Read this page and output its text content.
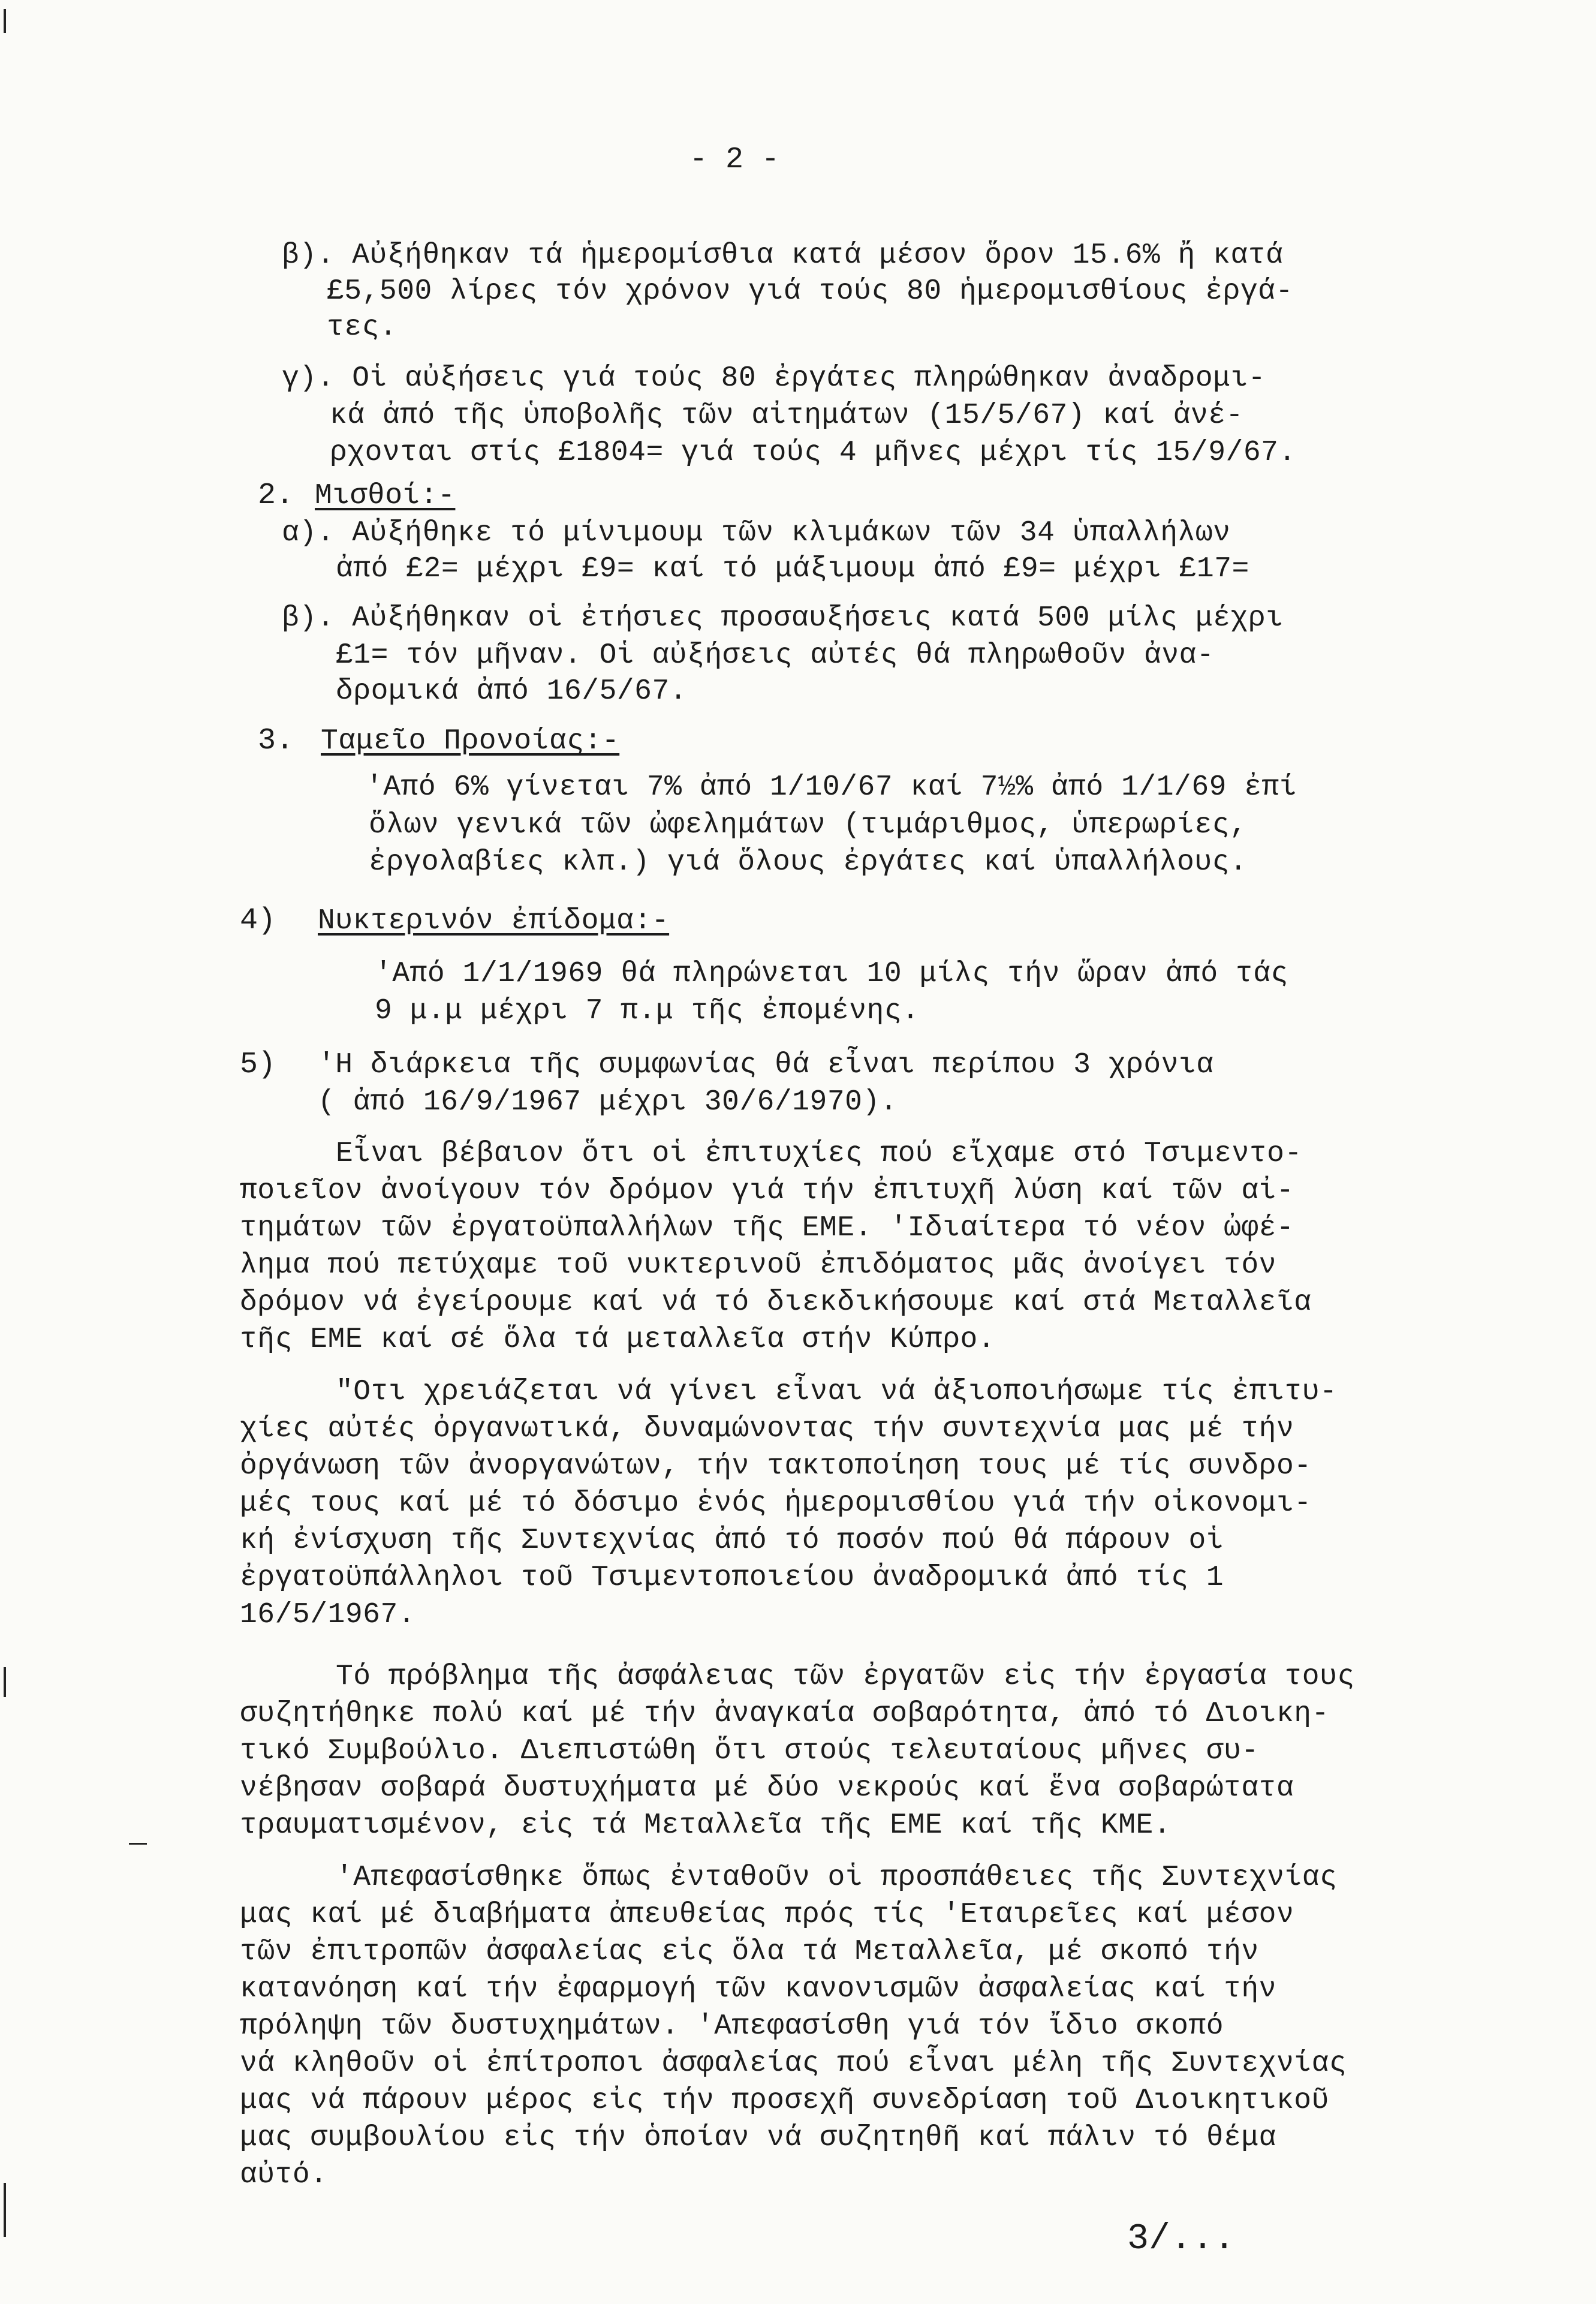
- 2 -
β). Αὐξήθηκαν τά ἡμερομίσθια κατά μέσον ὅρον 15.6% ἤ κατά
£5,500 λίρες τόν χρόνον γιά τούς 80 ἡμερομισθίους ἐργά-
τες.
γ). Οἱ αὐξήσεις γιά τούς 80 ἐργάτες πληρώθηκαν ἀναδρομι-
κά ἀπό τῆς ὑποβολῆς τῶν αἰτημάτων (15/5/67) καί ἀνέ-
ρχονται στίς £1804= γιά τούς 4 μῆνες μέχρι τίς 15/9/67.
2. Μισθοί:-
α). Αὐξήθηκε τό μίνιμουμ τῶν κλιμάκων τῶν 34 ὑπαλλήλων
ἀπό £2= μέχρι £9= καί τό μάξιμουμ ἀπό £9= μέχρι £17=
β). Αὐξήθηκαν οἱ ἐτήσιες προσαυξήσεις κατά 500 μίλς μέχρι
£1= τόν μῆναν. Οἱ αὐξήσεις αὐτές θά πληρωθοῦν ἀνα-
δρομικά ἀπό 16/5/67.
3. Ταμεῖο Προνοίας:-
'Από 6% γίνεται 7% ἀπό 1/10/67 καί 7½% ἀπό 1/1/69 ἐπί
ὅλων γενικά τῶν ὠφελημάτων (τιμάριθμος, ὑπερωρίες,
ἐργολαβίες κλπ.) γιά ὅλους ἐργάτες καί ὑπαλλήλους.
4) Νυκτερινόν ἐπίδομα:-
'Από 1/1/1969 θά πληρώνεται 10 μίλς τήν ὥραν ἀπό τάς
9 μ.μ μέχρι 7 π.μ τῆς ἐπομένης.
5) 'Η διάρκεια τῆς συμφωνίας θά εἶναι περίπου 3 χρόνια
( ἀπό 16/9/1967 μέχρι 30/6/1970).
Εἶναι βέβαιον ὅτι οἱ ἐπιτυχίες πού εἴχαμε στό Τσιμεντο-
ποιεῖον ἀνοίγουν τόν δρόμον γιά τήν ἐπιτυχῆ λύση καί τῶν αἰ-
τημάτων τῶν ἐργατοϋπαλλήλων τῆς ΕΜΕ. 'Ιδιαίτερα τό νέον ὠφέ-
λημα πού πετύχαμε τοῦ νυκτερινοῦ ἐπιδόματος μᾶς ἀνοίγει τόν
δρόμον νά ἐγείρουμε καί νά τό διεκδικήσουμε καί στά Μεταλλεῖα
τῆς ΕΜΕ καί σέ ὅλα τά μεταλλεῖα στήν Κύπρο.
"Οτι χρειάζεται νά γίνει εἶναι νά ἀξιοποιήσωμε τίς ἐπιτυ-
χίες αὐτές ὀργανωτικά, δυναμώνοντας τήν συντεχνία μας μέ τήν
ὀργάνωση τῶν ἀνοργανώτων, τήν τακτοποίηση τους μέ τίς συνδρο-
μές τους καί μέ τό δόσιμο ἑνός ἡμερομισθίου γιά τήν οἰκονομι-
κή ἐνίσχυση τῆς Συντεχνίας ἀπό τό ποσόν πού θά πάρουν οἱ
ἐργατοϋπάλληλοι τοῦ Τσιμεντοποιείου ἀναδρομικά ἀπό τίς 1
16/5/1967.
Τό πρόβλημα τῆς ἀσφάλειας τῶν ἐργατῶν εἰς τήν ἐργασία τους
συζητήθηκε πολύ καί μέ τήν ἀναγκαία σοβαρότητα, ἀπό τό Διοικη-
τικό Συμβούλιο. Διεπιστώθη ὅτι στούς τελευταίους μῆνες συ-
νέβησαν σοβαρά δυστυχήματα μέ δύο νεκρούς καί ἕνα σοβαρώτατα
τραυματισμένον, εἰς τά Μεταλλεῖα τῆς ΕΜΕ καί τῆς ΚΜΕ.
'Απεφασίσθηκε ὅπως ἐνταθοῦν οἱ προσπάθειες τῆς Συντεχνίας
μας καί μέ διαβήματα ἀπευθείας πρός τίς 'Εταιρεῖες καί μέσον
τῶν ἐπιτροπῶν ἀσφαλείας εἰς ὅλα τά Μεταλλεῖα, μέ σκοπό τήν
κατανόηση καί τήν ἐφαρμογή τῶν κανονισμῶν ἀσφαλείας καί τήν
πρόληψη τῶν δυστυχημάτων. 'Απεφασίσθη γιά τόν ἴδιο σκοπό
νά κληθοῦν οἱ ἐπίτροποι ἀσφαλείας πού εἶναι μέλη τῆς Συντεχνίας
μας νά πάρουν μέρος εἰς τήν προσεχῆ συνεδρίαση τοῦ Διοικητικοῦ
μας συμβουλίου εἰς τήν ὁποίαν νά συζητηθῆ καί πάλιν τό θέμα
αὐτό.
3/...
